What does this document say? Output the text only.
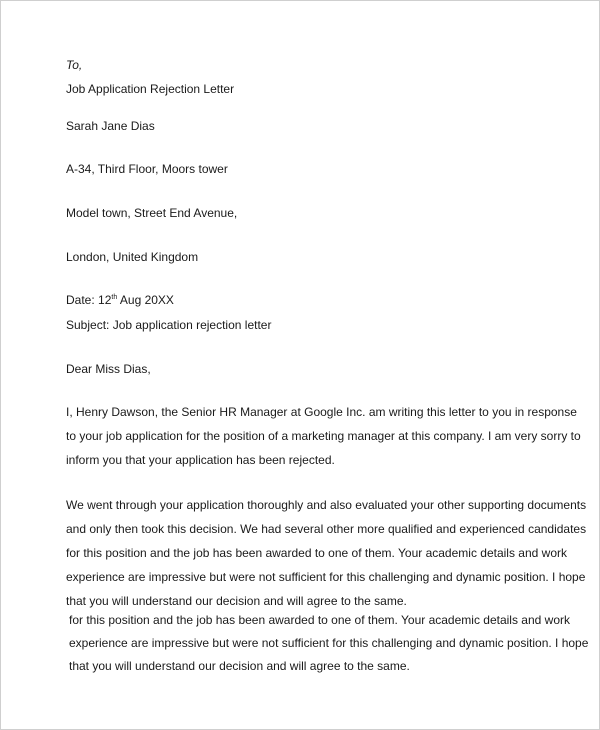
To,
Job Application Rejection Letter
Sarah Jane Dias
A-34, Third Floor, Moors tower
Model town, Street End Avenue,
London, United Kingdom
Date: 12th Aug 20XX
Subject: Job application rejection letter
Dear Miss Dias,
I, Henry Dawson, the Senior HR Manager at Google Inc. am writing this letter to you in response
to your job application for the position of a marketing manager at this company. I am very sorry to
inform you that your application has been rejected.
We went through your application thoroughly and also evaluated your other supporting documents
and only then took this decision. We had several other more qualified and experienced candidates
for this position and the job has been awarded to one of them. Your academic details and work
experience are impressive but were not sufficient for this challenging and dynamic position. I hope
that you will understand our decision and will agree to the same.
for this position and the job has been awarded to one of them. Your academic details and work
experience are impressive but were not sufficient for this challenging and dynamic position. I hope
that you will understand our decision and will agree to the same.
